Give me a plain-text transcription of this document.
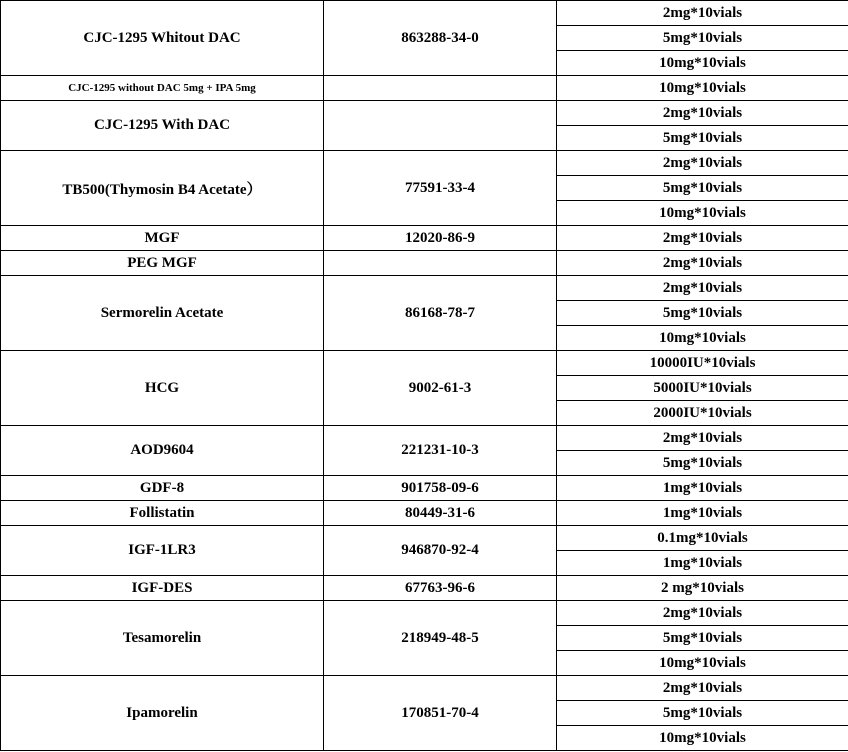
CJC-1295 Whitout DAC	863288-34-0	2mg*10vials
		5mg*10vials
		10mg*10vials
CJC-1295 without DAC 5mg + IPA 5mg		10mg*10vials
CJC-1295 With DAC		2mg*10vials
		5mg*10vials
TB500(Thymosin B4 Acetate）	77591-33-4	2mg*10vials
		5mg*10vials
		10mg*10vials
MGF	12020-86-9	2mg*10vials
PEG MGF		2mg*10vials
Sermorelin Acetate	86168-78-7	2mg*10vials
		5mg*10vials
		10mg*10vials
HCG	9002-61-3	10000IU*10vials
		5000IU*10vials
		2000IU*10vials
AOD9604	221231-10-3	2mg*10vials
		5mg*10vials
GDF-8	901758-09-6	1mg*10vials
Follistatin	80449-31-6	1mg*10vials
IGF-1LR3	946870-92-4	0.1mg*10vials
		1mg*10vials
IGF-DES	67763-96-6	2 mg*10vials
Tesamorelin	218949-48-5	2mg*10vials
		5mg*10vials
		10mg*10vials
Ipamorelin	170851-70-4	2mg*10vials
		5mg*10vials
		10mg*10vials
